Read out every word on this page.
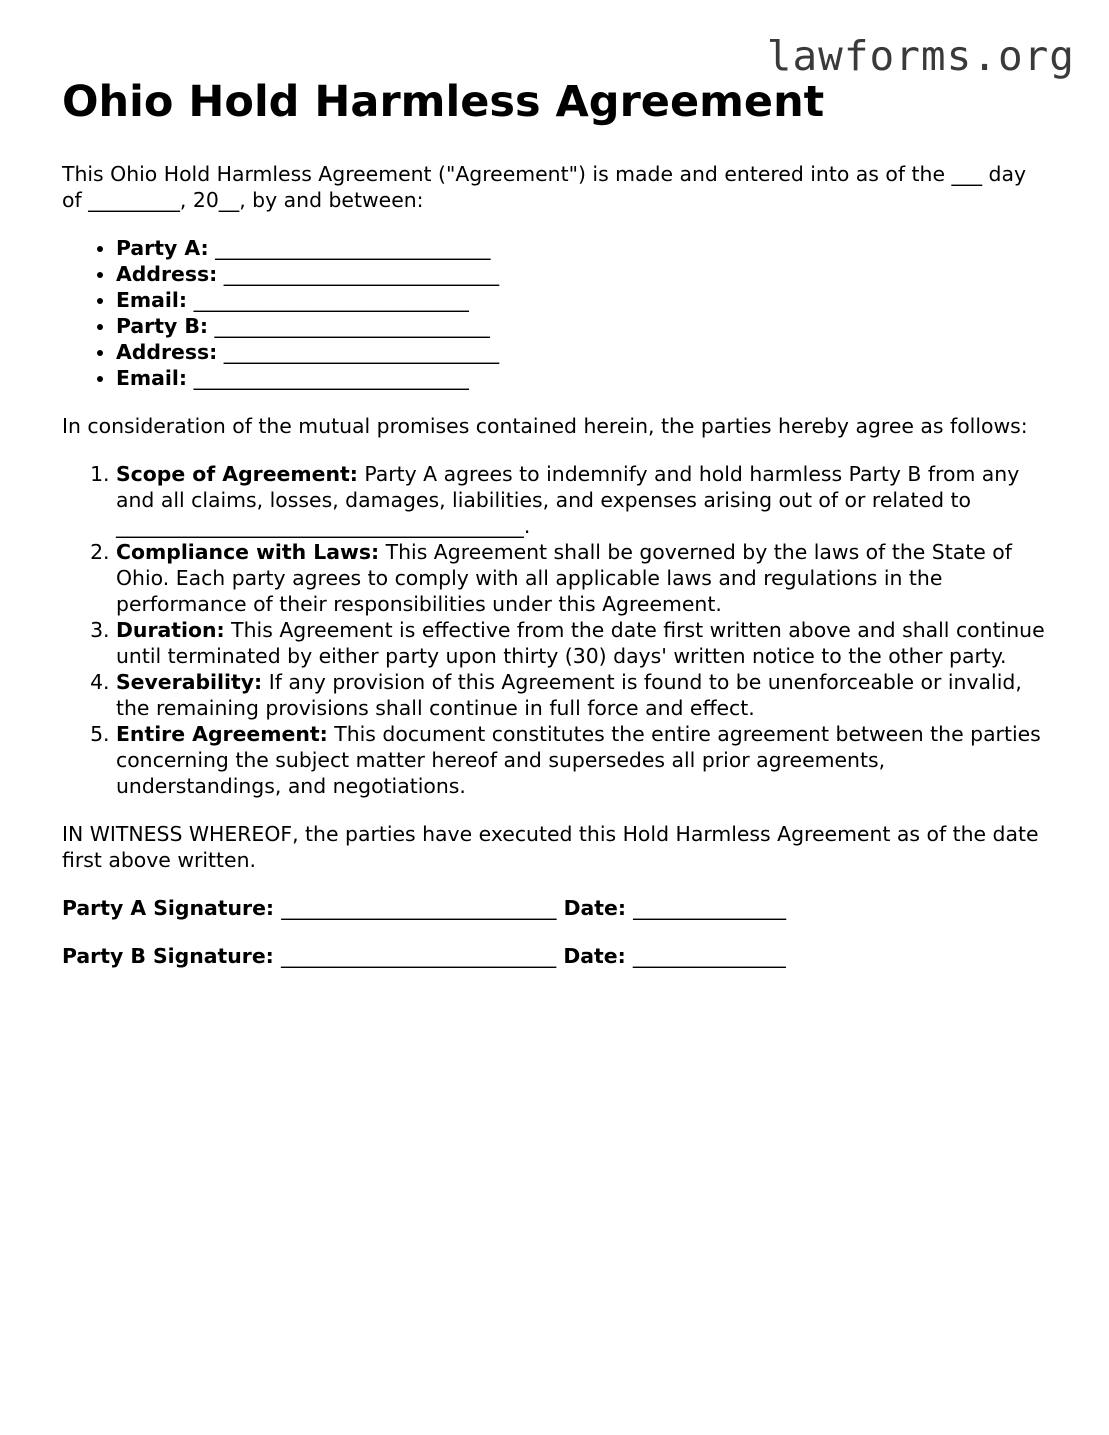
lawforms.org
Ohio Hold Harmless Agreement

This Ohio Hold Harmless Agreement ("Agreement") is made and entered into as of the ___ day of _________, 20__, by and between:

• Party A: ___________________________
• Address: ___________________________
• Email: ___________________________
• Party B: ___________________________
• Address: ___________________________
• Email: ___________________________

In consideration of the mutual promises contained herein, the parties hereby agree as follows:

1. Scope of Agreement: Party A agrees to indemnify and hold harmless Party B from any and all claims, losses, damages, liabilities, and expenses arising out of or related to ________________________________________.
2. Compliance with Laws: This Agreement shall be governed by the laws of the State of Ohio. Each party agrees to comply with all applicable laws and regulations in the performance of their responsibilities under this Agreement.
3. Duration: This Agreement is effective from the date first written above and shall continue until terminated by either party upon thirty (30) days' written notice to the other party.
4. Severability: If any provision of this Agreement is found to be unenforceable or invalid, the remaining provisions shall continue in full force and effect.
5. Entire Agreement: This document constitutes the entire agreement between the parties concerning the subject matter hereof and supersedes all prior agreements, understandings, and negotiations.

IN WITNESS WHEREOF, the parties have executed this Hold Harmless Agreement as of the date first above written.

Party A Signature: ___________________________ Date: _______________

Party B Signature: ___________________________ Date: _______________
